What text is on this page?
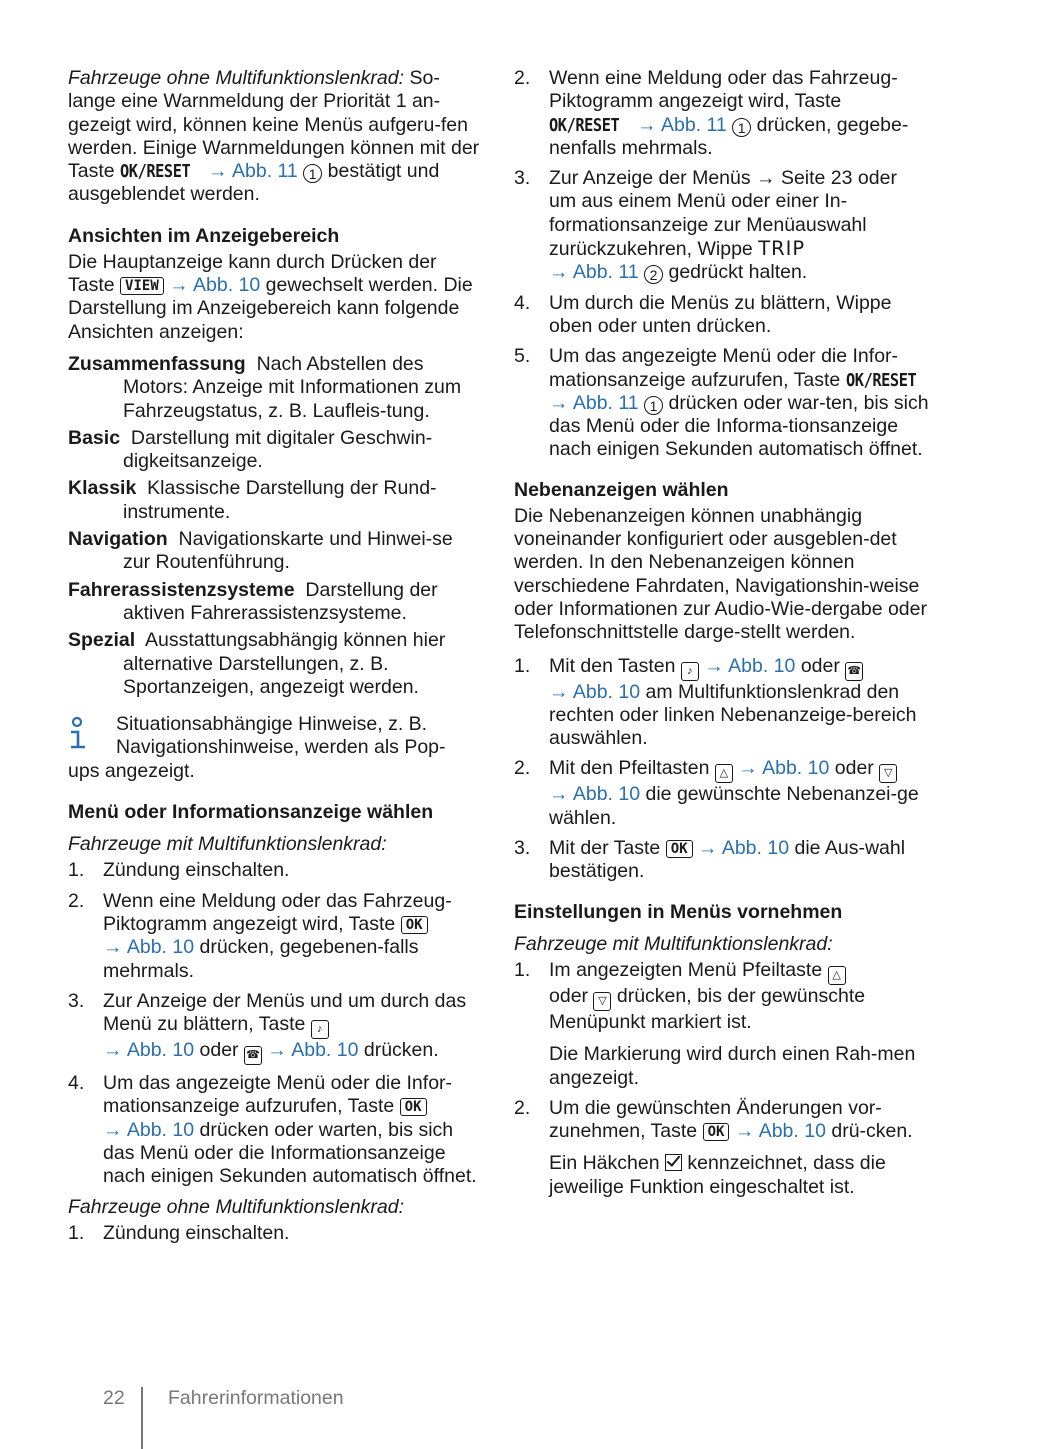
Fahrzeuge ohne Multifunktionslenkrad: So-lange eine Warnmeldung der Priorität 1 an-gezeigt wird, können keine Menüs aufgeru-fen werden. Einige Warnmeldungen können mit der Taste OK/RESET → Abb. 11 1 bestätigt und ausgeblendet werden.

Ansichten im Anzeigebereich

Die Hauptanzeige kann durch Drücken der Taste VIEW → Abb. 10 gewechselt werden. Die Darstellung im Anzeigebereich kann folgende Ansichten anzeigen:

Zusammenfassung Nach Abstellen des Motors: Anzeige mit Informationen zum Fahrzeugstatus, z. B. Laufleis-tung.

Basic Darstellung mit digitaler Geschwin-digkeitsanzeige.

Klassik Klassische Darstellung der Rund-instrumente.

Navigation Navigationskarte und Hinwei-se zur Routenführung.

Fahrerassistenzsysteme Darstellung der aktiven Fahrerassistenzsysteme.

Spezial Ausstattungsabhängig können hier alternative Darstellungen, z. B. Sportanzeigen, angezeigt werden.

Situationsabhängige Hinweise, z. B. Navigationshinweise, werden als Pop-
ups angezeigt.
Menü oder Informationsanzeige wählen

Fahrzeuge mit Multifunktionslenkrad:

1. Zündung einschalten.
2. Wenn eine Meldung oder das Fahrzeug-Piktogramm angezeigt wird, Taste OK
→ Abb. 10 drücken, gegebenen-falls mehrmals.
3. Zur Anzeige der Menüs und um durch das Menü zu blättern, Taste ♪
→ Abb. 10 oder ☎ → Abb. 10 drücken.
4. Um das angezeigte Menü oder die Infor-mationsanzeige aufzurufen, Taste OK
→ Abb. 10 drücken oder warten, bis sich das Menü oder die Informationsanzeige nach einigen Sekunden automatisch öffnet.

Fahrzeuge ohne Multifunktionslenkrad:

1. Zündung einschalten.
2. Wenn eine Meldung oder das Fahrzeug-Piktogramm angezeigt wird, Taste OK/RESET → Abb. 11 1 drücken, gegebe-nenfalls mehrmals.
3. Zur Anzeige der Menüs → Seite 23 oder um aus einem Menü oder einer In-formationsanzeige zur Menüauswahl zurückzukehren, Wippe TRIP
→ Abb. 11 2 gedrückt halten.
4. Um durch die Menüs zu blättern, Wippe oben oder unten drücken.
5. Um das angezeigte Menü oder die Infor-mationsanzeige aufzurufen, Taste OK/RESET → Abb. 11 1 drücken oder war-ten, bis sich das Menü oder die Informa-tionsanzeige nach einigen Sekunden automatisch öffnet.
Nebenanzeigen wählen

Die Nebenanzeigen können unabhängig voneinander konfiguriert oder ausgeblen-det werden. In den Nebenanzeigen können verschiedene Fahrdaten, Navigationshin-weise oder Informationen zur Audio-Wie-dergabe oder Telefonschnittstelle darge-stellt werden.

1. Mit den Tasten ♪ → Abb. 10 oder ☎
→ Abb. 10 am Multifunktionslenkrad den rechten oder linken Nebenanzeige-bereich auswählen.
2. Mit den Pfeiltasten △ → Abb. 10 oder ▽
→ Abb. 10 die gewünschte Nebenanzei-ge wählen.
3. Mit der Taste OK → Abb. 10 die Aus-wahl bestätigen.
Einstellungen in Menüs vornehmen

Fahrzeuge mit Multifunktionslenkrad:

1. Im angezeigten Menü Pfeiltaste △
oder ▽ drücken, bis der gewünschte Menüpunkt markiert ist.

Die Markierung wird durch einen Rah-men angezeigt.

2. Um die gewünschten Änderungen vor-zunehmen, Taste OK → Abb. 10 drü-cken.

Ein Häkchen kennzeichnet, dass die jeweilige Funktion eingeschaltet ist.

22 Fahrerinformationen
